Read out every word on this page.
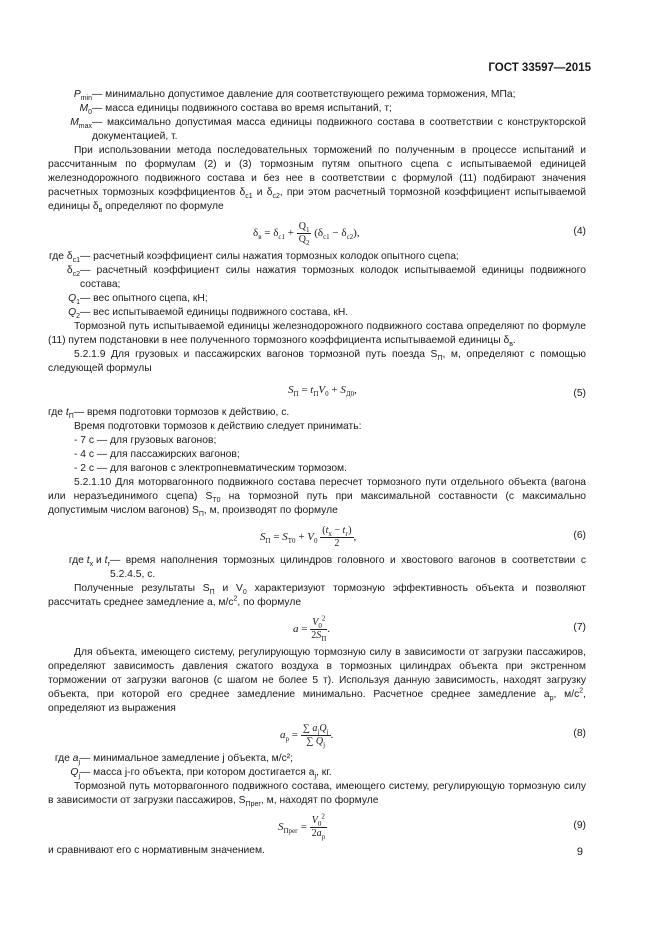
ГОСТ 33597—2015
$P_{min}$ — минимально допустимое давление для соответствующего режима торможения, МПа;
$M_0$ — масса единицы подвижного состава во время испытаний, т;
$M_{max}$ — максимально допустимая масса единицы подвижного состава в соответствии с конструкторской документацией, т.

При использовании метода последовательных торможений по полученным в процессе испытаний и рассчитанным по формулам (2) и (3) тормозным путям опытного сцепа с испытываемой единицей железнодорожного подвижного состава и без нее в соответствии с формулой (11) подбирают значения расчетных тормозных коэффициентов $\delta_{c1}$ и $\delta_{c2}$, при этом расчетный тормозной коэффициент испытываемой единицы $\delta_в$ определяют по формуле

$\delta_в = \delta_{c1} + \frac{Q_1}{Q_2} (\delta_{c1} - \delta_{c2})$,	(4)
где $\delta_{с1}$ — расчетный коэффициент силы нажатия тормозных колодок опытного сцепа;
$\delta_{с2}$ — расчетный коэффициент силы нажатия тормозных колодок испытываемой единицы подвижного состава;
$Q_1$ — вес опытного сцепа, кН;
$Q_2$ — вес испытываемой единицы подвижного состава, кН.

Тормозной путь испытываемой единицы железнодорожного подвижного состава определяют по формуле (11) путем подстановки в нее полученного тормозного коэффициента испытываемой единицы $\delta_в$.

5.2.1.9 Для грузовых и пассажирских вагонов тормозной путь поезда $S_П$, м, определяют с помощью следующей формулы

$S_П = t_ПV_0 + S_{Д0}$,	(5)
где $t_П$ — время подготовки тормозов к действию, с.

Время подготовки тормозов к действию следует принимать:

- 7 с — для грузовых вагонов;
- 4 с — для пассажирских вагонов;
- 2 с — для вагонов с электропневматическим тормозом.

5.2.1.10 Для моторвагонного подвижного состава пересчет тормозного пути отдельного объекта (вагона или неразъединимого сцепа) $S_{Т0}$ на тормозной путь при максимальной составности (с максимально допустимым числом вагонов) $S_П$, м, производят по формуле

$S_П = S_{Т0} + V_0$
$(t_х - t_г)$
2
,	(6)
где $t_х$ и $t_г$ — время наполнения тормозных цилиндров головного и хвостового вагонов в соответствии с 5.2.4.5, с.

Полученные результаты $S_П$ и $V_0$ характеризуют тормозную эффективность объекта и позволяют рассчитать среднее замедление a, $м/с^2$, по формуле

a =
$V_0^2$
$2S_П$
.	(7)

Для объекта, имеющего систему, регулирующую тормозную силу в зависимости от загрузки пассажиров, определяют зависимость давления сжатого воздуха в тормозных цилиндрах объекта при экстренном торможении от загрузки вагонов (с шагом не более 5 т). Используя данную зависимость, находят загрузку объекта, при которой его среднее замедление минимально. Расчетное среднее замедление $a_р$, $м/с^2$, определяют из выражения

$a_р$ =
∑ $a_jQ_j$
∑ $Q_j$
.	(8)
где $a_j$ — минимальное замедление j объекта, м/с²;
$Q_j$ — масса j-го объекта, при котором достигается $a_j$, кг.

Тормозной путь моторвагонного подвижного состава, имеющего систему, регулирующую тормозную силу в зависимости от загрузки пассажиров, $S_{Прег}$, м, находят по формуле

$S_{Прег}$ =
$V_0^2$
$2a_р$
(9)

и сравнивают его с нормативным значением.	9
